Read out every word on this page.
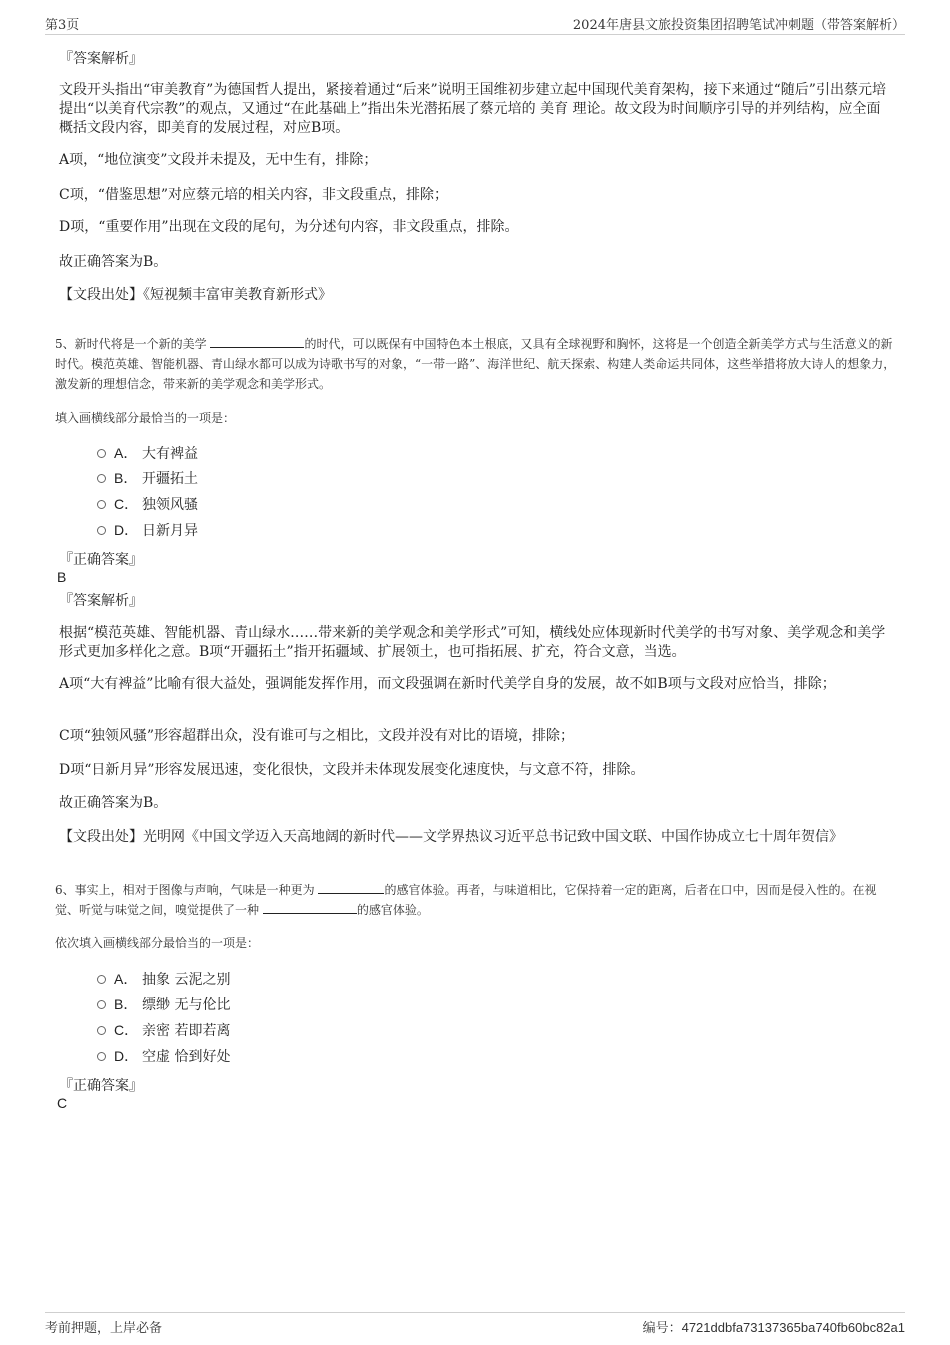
第3页	2024年唐县文旅投资集团招聘笔试冲刺题（带答案解析）
『答案解析』
文段开头指出“审美教育”为德国哲人提出，紧接着通过“后来”说明王国维初步建立起中国现代美育架构，接下来通过“随后”引出蔡元培提出“以美育代宗教”的观点，又通过“在此基础上”指出朱光潜拓展了蔡元培的 美育 理论。故文段为时间顺序引导的并列结构，应全面概括文段内容，即美育的发展过程，对应B项。
A项，“地位演变”文段并未提及，无中生有，排除；
C项，“借鉴思想”对应蔡元培的相关内容，非文段重点，排除；
D项，“重要作用”出现在文段的尾句，为分述句内容，非文段重点，排除。
故正确答案为B。
【文段出处】《短视频丰富审美教育新形式》
5、新时代将是一个新的美学	的时代，可以既保有中国特色本土根底，又具有全球视野和胸怀，这将是一个创造全新美学方式与生活意义的新时代。模范英雄、智能机器、青山绿水都可以成为诗歌书写的对象，“一带一路”、海洋世纪、航天探索、构建人类命运共同体，这些举措将放大诗人的想象力，激发新的理想信念，带来新的美学观念和美学形式。
填入画横线部分最恰当的一项是：
A． 大有裨益
B． 开疆拓土
C． 独领风骚
D． 日新月异
『正确答案』
B
『答案解析』
根据“模范英雄、智能机器、青山绿水……带来新的美学观念和美学形式”可知，横线处应体现新时代美学的书写对象、美学观念和美学形式更加多样化之意。B项“开疆拓土”指开拓疆域、扩展领土，也可指拓展、扩充，符合文意，当选。
A项“大有裨益”比喻有很大益处，强调能发挥作用，而文段强调在新时代美学自身的发展，故不如B项与文段对应恰当，排除；
C项“独领风骚”形容超群出众，没有谁可与之相比，文段并没有对比的语境，排除；
D项“日新月异”形容发展迅速，变化很快，文段并未体现发展变化速度快，与文意不符，排除。
故正确答案为B。
【文段出处】光明网《中国文学迈入天高地阔的新时代——文学界热议习近平总书记致中国文联、中国作协成立七十周年贺信》
6、事实上，相对于图像与声响，气味是一种更为	的感官体验。再者，与味道相比，它保持着一定的距离，后者在口中，因而是侵入性的。在视觉、听觉与味觉之间，嗅觉提供了一种	的感官体验。
依次填入画横线部分最恰当的一项是：
A． 抽象 云泥之别
B． 缥缈 无与伦比
C． 亲密 若即若离
D． 空虚 恰到好处
『正确答案』
C
考前押题，上岸必备	编号：4721ddbfa73137365ba740fb60bc82a1
